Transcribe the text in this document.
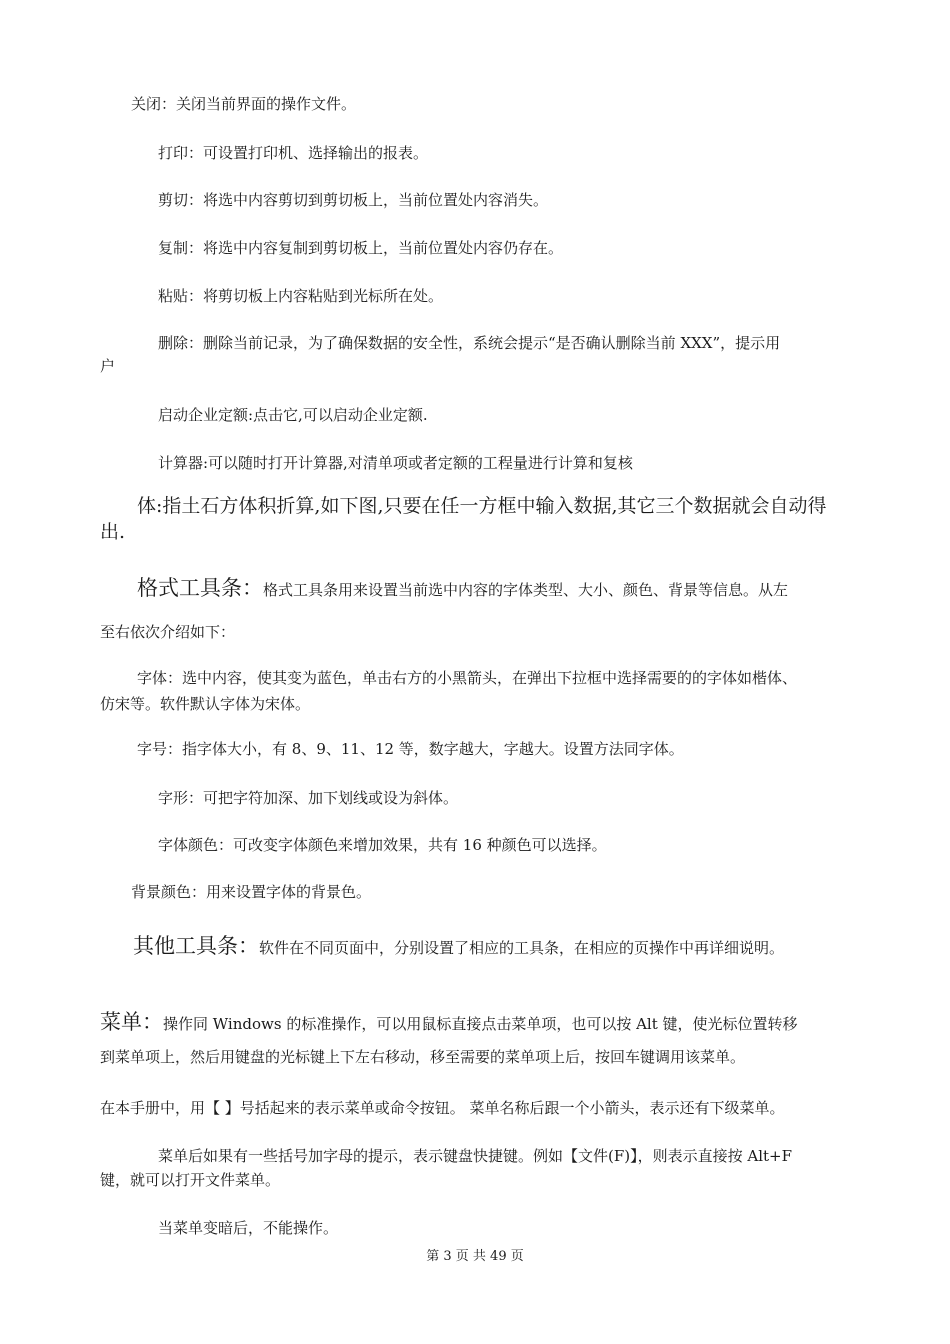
关闭：关闭当前界面的操作文件。
打印：可设置打印机、选择输出的报表。
剪切：将选中内容剪切到剪切板上，当前位置处内容消失。
复制：将选中内容复制到剪切板上，当前位置处内容仍存在。
粘贴：将剪切板上内容粘贴到光标所在处。
删除：删除当前记录，为了确保数据的安全性，系统会提示“是否确认删除当前 XXX”，提示用
户
启动企业定额:点击它,可以启动企业定额.
计算器:可以随时打开计算器,对清单项或者定额的工程量进行计算和复核
体:指土石方体积折算,如下图,只要在任一方框中输入数据,其它三个数据就会自动得
出.
格式工具条：格式工具条用来设置当前选中内容的字体类型、大小、颜色、背景等信息。从左
至右依次介绍如下：
字体：选中内容，使其变为蓝色，单击右方的小黑箭头，在弹出下拉框中选择需要的的字体如楷体、
仿宋等。软件默认字体为宋体。
字号：指字体大小，有 8、9、11、12 等，数字越大，字越大。设置方法同字体。
字形：可把字符加深、加下划线或设为斜体。
字体颜色：可改变字体颜色来增加效果，共有 16 种颜色可以选择。
背景颜色：用来设置字体的背景色。
其他工具条：软件在不同页面中，分别设置了相应的工具条，在相应的页操作中再详细说明。
菜单：操作同 Windows 的标准操作，可以用鼠标直接点击菜单项，也可以按 Alt 键，使光标位置转移
到菜单项上，然后用键盘的光标键上下左右移动，移至需要的菜单项上后，按回车键调用该菜单。
在本手册中，用【 】号括起来的表示菜单或命令按钮。 菜单名称后跟一个小箭头，表示还有下级菜单。
菜单后如果有一些括号加字母的提示，表示键盘快捷键。例如【文件(F)】，则表示直接按 Alt+F
键，就可以打开文件菜单。
当菜单变暗后，不能操作。
第 3 页 共 49 页
